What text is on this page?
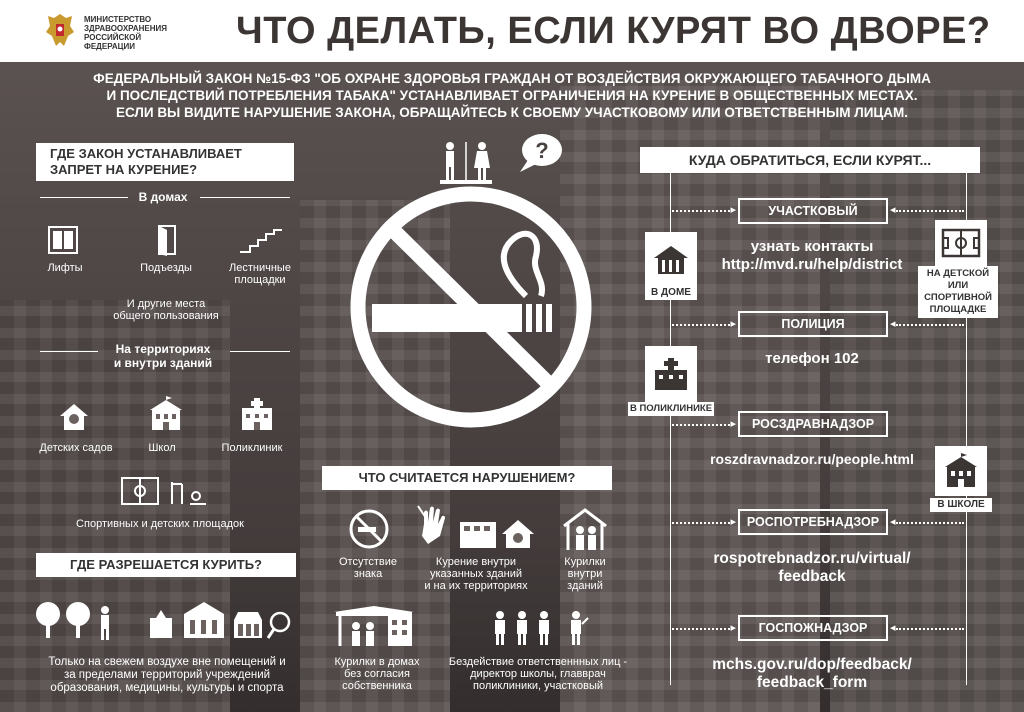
МИНИСТЕРСТВО
ЗДРАВООХРАНЕНИЯ
РОССИЙСКОЙ ФЕДЕРАЦИИ	ЧТО ДЕЛАТЬ, ЕСЛИ КУРЯТ ВО ДВОРЕ?
ФЕДЕРАЛЬНЫЙ ЗАКОН №15-ФЗ "ОБ ОХРАНЕ ЗДОРОВЬЯ ГРАЖДАН ОТ ВОЗДЕЙСТВИЯ ОКРУЖАЮЩЕГО ТАБАЧНОГО ДЫМА
И ПОСЛЕДСТВИЙ ПОТРЕБЛЕНИЯ ТАБАКА" УСТАНАВЛИВАЕТ ОГРАНИЧЕНИЯ НА КУРЕНИЕ В ОБЩЕСТВЕННЫХ МЕСТАХ.
ЕСЛИ ВЫ ВИДИТЕ НАРУШЕНИЕ ЗАКОНА, ОБРАЩАЙТЕСЬ К СВОЕМУ УЧАСТКОВОМУ ИЛИ ОТВЕТСТВЕННЫМ ЛИЦАМ.
ГДЕ ЗАКОН УСТАНАВЛИВАЕТ
ЗАПРЕТ НА КУРЕНИЕ?
В домах
Лифты	Подъезды	Лестничные площадки
И другие места
общего пользования
На территориях
и внутри зданий
Детских садов	Школ	Поликлиник
Спортивных и детских площадок
ГДЕ РАЗРЕШАЕТСЯ КУРИТЬ?
Только на свежем воздухе вне помещений и
за пределами территорий учреждений
образования, медицины, культуры и спорта
?
ЧТО СЧИТАЕТСЯ НАРУШЕНИЕМ?
Отсутствие
знака
Курение внутри
указанных зданий
и на их территориях
Курилки
внутри
зданий
Курилки в домах
без согласия
собственника
Бездействие ответственнных лиц -
директор школы, главврач
поликлиники, участковый
КУДА ОБРАТИТЬСЯ, ЕСЛИ КУРЯТ...
В ДОМЕ
В ПОЛИКЛИНИКЕ
НА ДЕТСКОЙ ИЛИ СПОРТИВНОЙ ПЛОЩАДКЕ
В ШКОЛЕ
▸
◂
▸
◂
▸
▸
◂
▸
◂
УЧАСТКОВЫЙ
узнать контакты
http://mvd.ru/help/district
ПОЛИЦИЯ
телефон 102
РОСЗДРАВНАДЗОР
roszdravnadzor.ru/people.html
РОСПОТРЕБНАДЗОР
rospotrebnadzor.ru/virtual/
feedback
ГОСПОЖНАДЗОР
mchs.gov.ru/dop/feedback/
feedback_form
